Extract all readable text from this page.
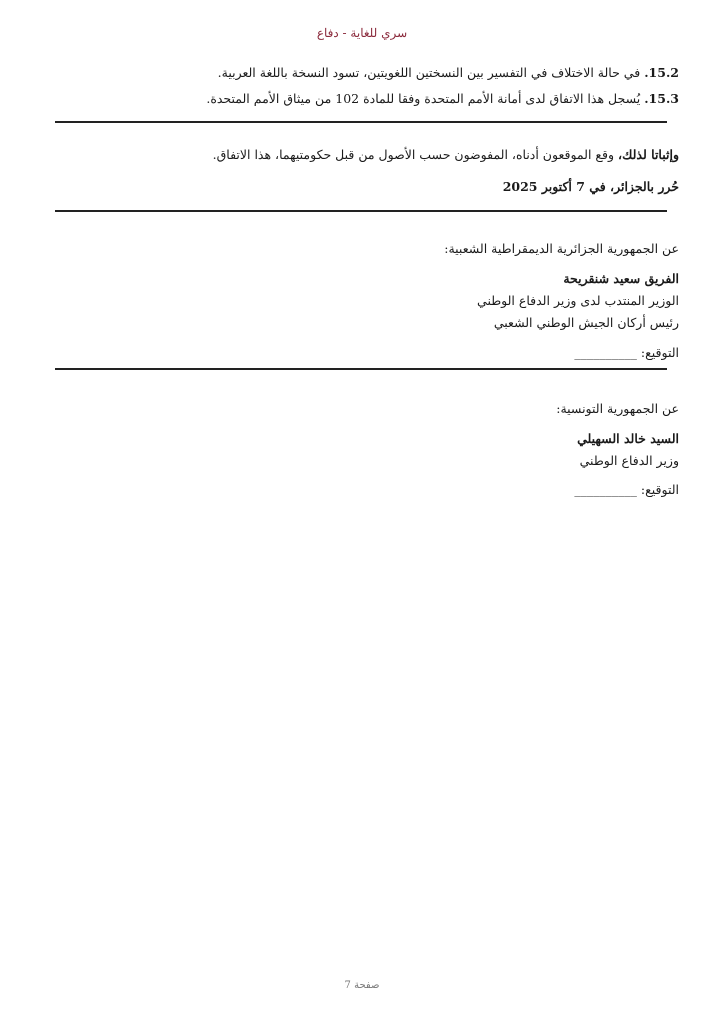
سري للغاية - دفاع
15.2. في حالة الاختلاف في التفسير بين النسختين اللغويتين، تسود النسخة باللغة العربية.
15.3. يُسجل هذا الاتفاق لدى أمانة الأمم المتحدة وفقا للمادة 102 من ميثاق الأمم المتحدة.
وإثباتا لذلك، وقع الموقعون أدناه، المفوضون حسب الأصول من قبل حكومتيهما، هذا الاتفاق.
حُرر بالجزائر، في 7 أكتوبر 2025
عن الجمهورية الجزائرية الديمقراطية الشعبية:
الفريق سعيد شنقريحة
الوزير المنتدب لدى وزير الدفاع الوطني
رئيس أركان الجيش الوطني الشعبي
التوقيع: __________
عن الجمهورية التونسية:
السيد خالد السهيلي
وزير الدفاع الوطني
التوقيع: __________
صفحة 7
